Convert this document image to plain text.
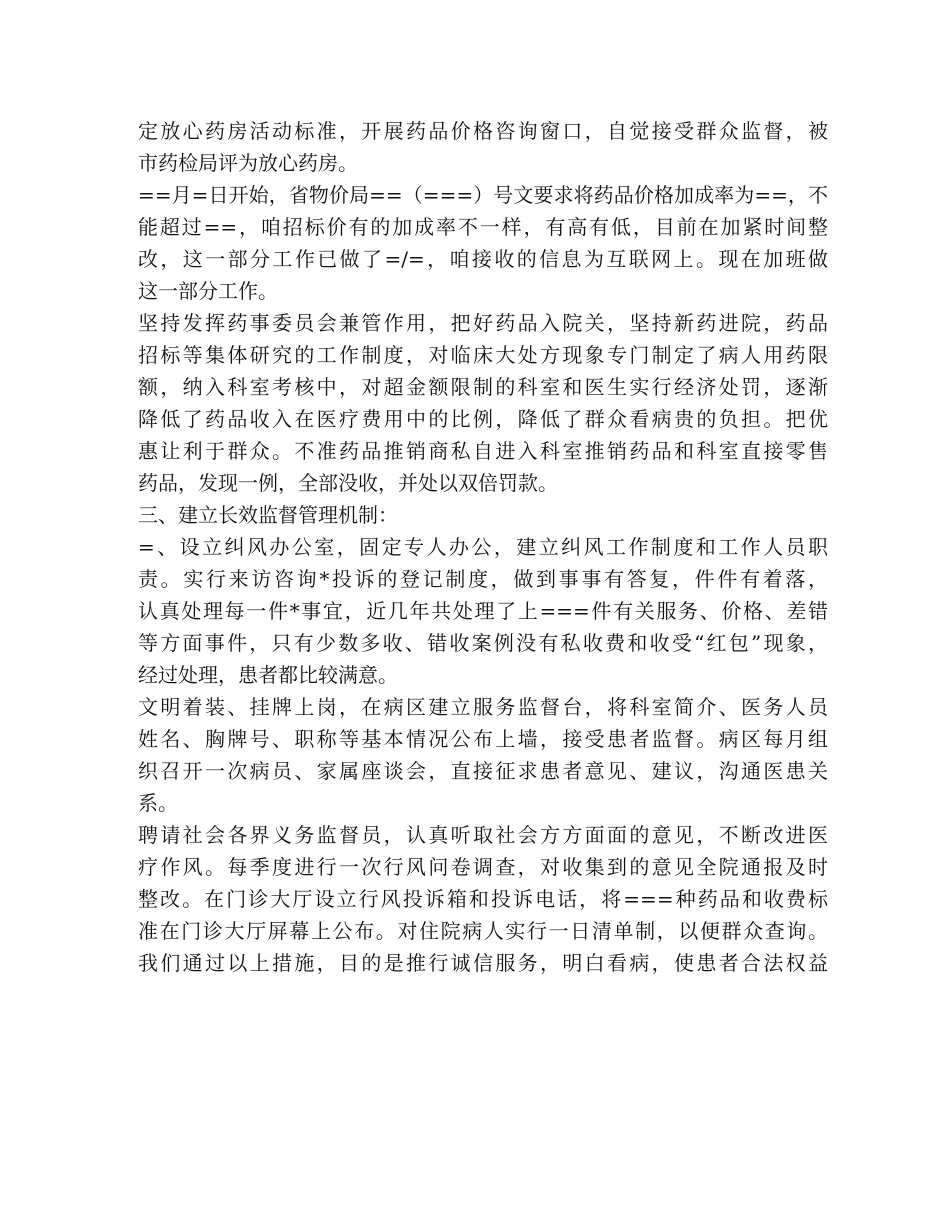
定放心药房活动标准，开展药品价格咨询窗口，自觉接受群众监督，被
市药检局评为放心药房。
==月=日开始，省物价局==（===）号文要求将药品价格加成率为==，不
能超过==，咱招标价有的加成率不一样，有高有低，目前在加紧时间整
改，这一部分工作已做了=/=，咱接收的信息为互联网上。现在加班做
这一部分工作。
坚持发挥药事委员会兼管作用，把好药品入院关，坚持新药进院，药品
招标等集体研究的工作制度，对临床大处方现象专门制定了病人用药限
额，纳入科室考核中，对超金额限制的科室和医生实行经济处罚，逐渐
降低了药品收入在医疗费用中的比例，降低了群众看病贵的负担。把优
惠让利于群众。不准药品推销商私自进入科室推销药品和科室直接零售
药品，发现一例，全部没收，并处以双倍罚款。
三、建立长效监督管理机制：
=、设立纠风办公室，固定专人办公，建立纠风工作制度和工作人员职
责。实行来访咨询*投诉的登记制度，做到事事有答复，件件有着落，
认真处理每一件*事宜，近几年共处理了上===件有关服务、价格、差错
等方面事件，只有少数多收、错收案例没有私收费和收受“红包”现象，
经过处理，患者都比较满意。
文明着装、挂牌上岗，在病区建立服务监督台，将科室简介、医务人员
姓名、胸牌号、职称等基本情况公布上墙，接受患者监督。病区每月组
织召开一次病员、家属座谈会，直接征求患者意见、建议，沟通医患关
系。
聘请社会各界义务监督员，认真听取社会方方面面的意见，不断改进医
疗作风。每季度进行一次行风问卷调查，对收集到的意见全院通报及时
整改。在门诊大厅设立行风投诉箱和投诉电话，将===种药品和收费标
准在门诊大厅屏幕上公布。对住院病人实行一日清单制，以便群众查询。
我们通过以上措施，目的是推行诚信服务，明白看病，使患者合法权益
